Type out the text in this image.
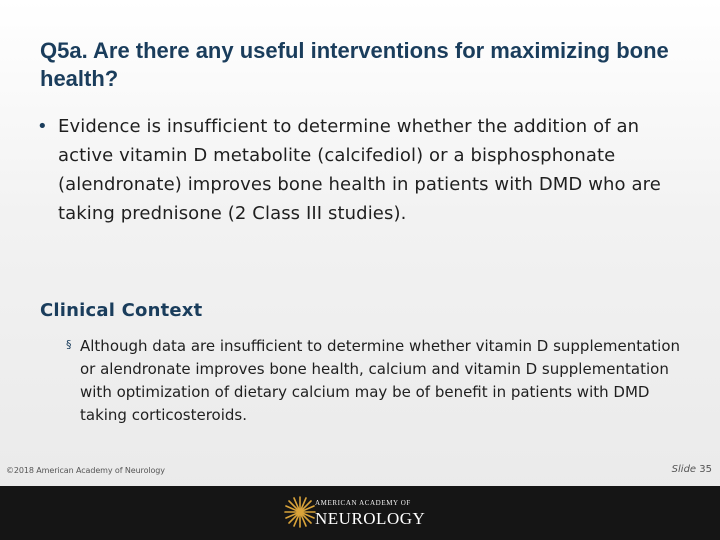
Q5a. Are there any useful interventions for maximizing bone health?
• Evidence is insufficient to determine whether the addition of an active vitamin D metabolite (calcifediol) or a bisphosphonate (alendronate) improves bone health in patients with DMD who are taking prednisone (2 Class III studies).
Clinical Context
§ Although data are insufficient to determine whether vitamin D supplementation or alendronate improves bone health, calcium and vitamin D supplementation with optimization of dietary calcium may be of benefit in patients with DMD taking corticosteroids.
©2018 American Academy of Neurology	Slide 35
AMERICAN ACADEMY OF
NEUROLOGY
